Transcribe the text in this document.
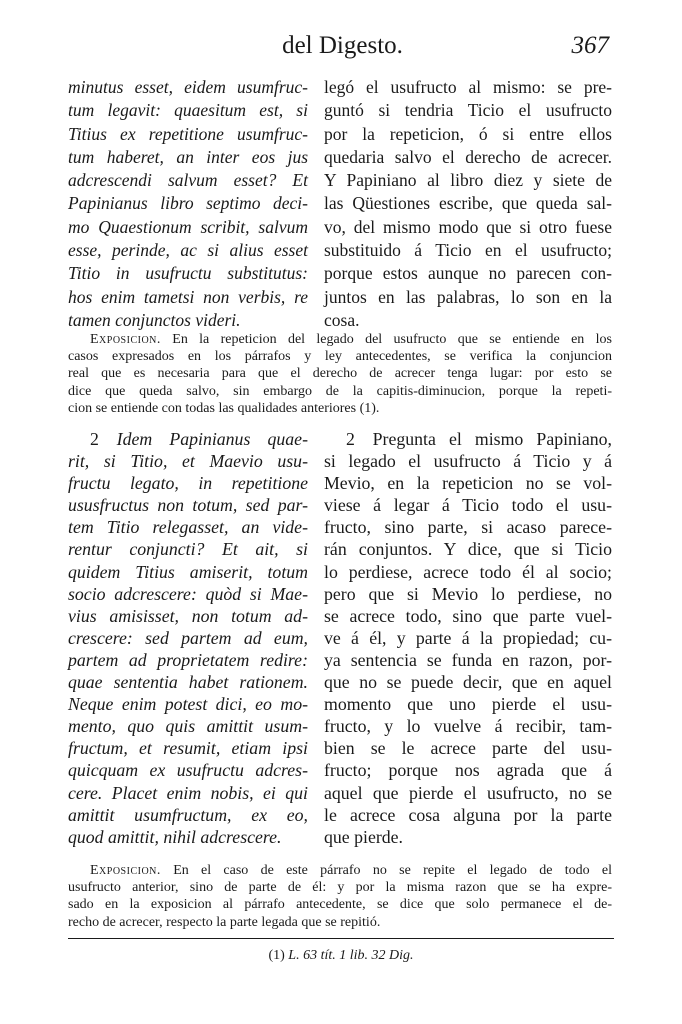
del Digesto.	367
minutus esset, eidem usumfruc-
tum legavit: quaesitum est, si
Titius ex repetitione usumfruc-
tum haberet, an inter eos jus
adcrescendi salvum esset? Et
Papinianus libro septimo deci-
mo Quaestionum scribit, salvum
esse, perinde, ac si alius esset
Titio in usufructu substitutus:
hos enim tametsi non verbis, re
tamen conjunctos videri.
legó el usufructo al mismo: se pre-
guntó si tendria Ticio el usufructo
por la repeticion, ó si entre ellos
quedaria salvo el derecho de acrecer.
Y Papiniano al libro diez y siete de
las Qüestiones escribe, que queda sal-
vo, del mismo modo que si otro fuese
substituido á Ticio en el usufructo;
porque estos aunque no parecen con-
juntos en las palabras, lo son en la
cosa.
Exposicion. En la repeticion del legado del usufructo que se entiende en los
casos expresados en los párrafos y ley antecedentes, se verifica la conjuncion
real que es necesaria para que el derecho de acrecer tenga lugar: por esto se
dice que queda salvo, sin embargo de la capitis-diminucion, porque la repeti-
cion se entiende con todas las qualidades anteriores (1).
2  Idem Papinianus quae-
rit, si Titio, et Maevio usu-
fructu legato, in repetitione
ususfructus non totum, sed par-
tem Titio relegasset, an vide-
rentur conjuncti? Et ait, si
quidem Titius amiserit, totum
socio adcrescere: quòd si Mae-
vius amisisset, non totum ad-
crescere: sed partem ad eum,
partem ad proprietatem redire:
quae sententia habet rationem.
Neque enim potest dici, eo mo-
mento, quo quis amittit usum-
fructum, et resumit, etiam ipsi
quicquam ex usufructu adcres-
cere. Placet enim nobis, ei qui
amittit usumfructum, ex eo,
quod amittit, nihil adcrescere.
2  Pregunta el mismo Papiniano,
si legado el usufructo á Ticio y á
Mevio, en la repeticion no se vol-
viese á legar á Ticio todo el usu-
fructo, sino parte, si acaso parece-
rán conjuntos. Y dice, que si Ticio
lo perdiese, acrece todo él al socio;
pero que si Mevio lo perdiese, no
se acrece todo, sino que parte vuel-
ve á él, y parte á la propiedad; cu-
ya sentencia se funda en razon, por-
que no se puede decir, que en aquel
momento que uno pierde el usu-
fructo, y lo vuelve á recibir, tam-
bien se le acrece parte del usu-
fructo; porque nos agrada que á
aquel que pierde el usufructo, no se
le acrece cosa alguna por la parte
que pierde.
Exposicion. En el caso de este párrafo no se repite el legado de todo el
usufructo anterior, sino de parte de él: y por la misma razon que se ha expre-
sado en la exposicion al párrafo antecedente, se dice que solo permanece el de-
recho de acrecer, respecto la parte legada que se repitió.
(1) L. 63 tít. 1 lib. 32 Dig.
